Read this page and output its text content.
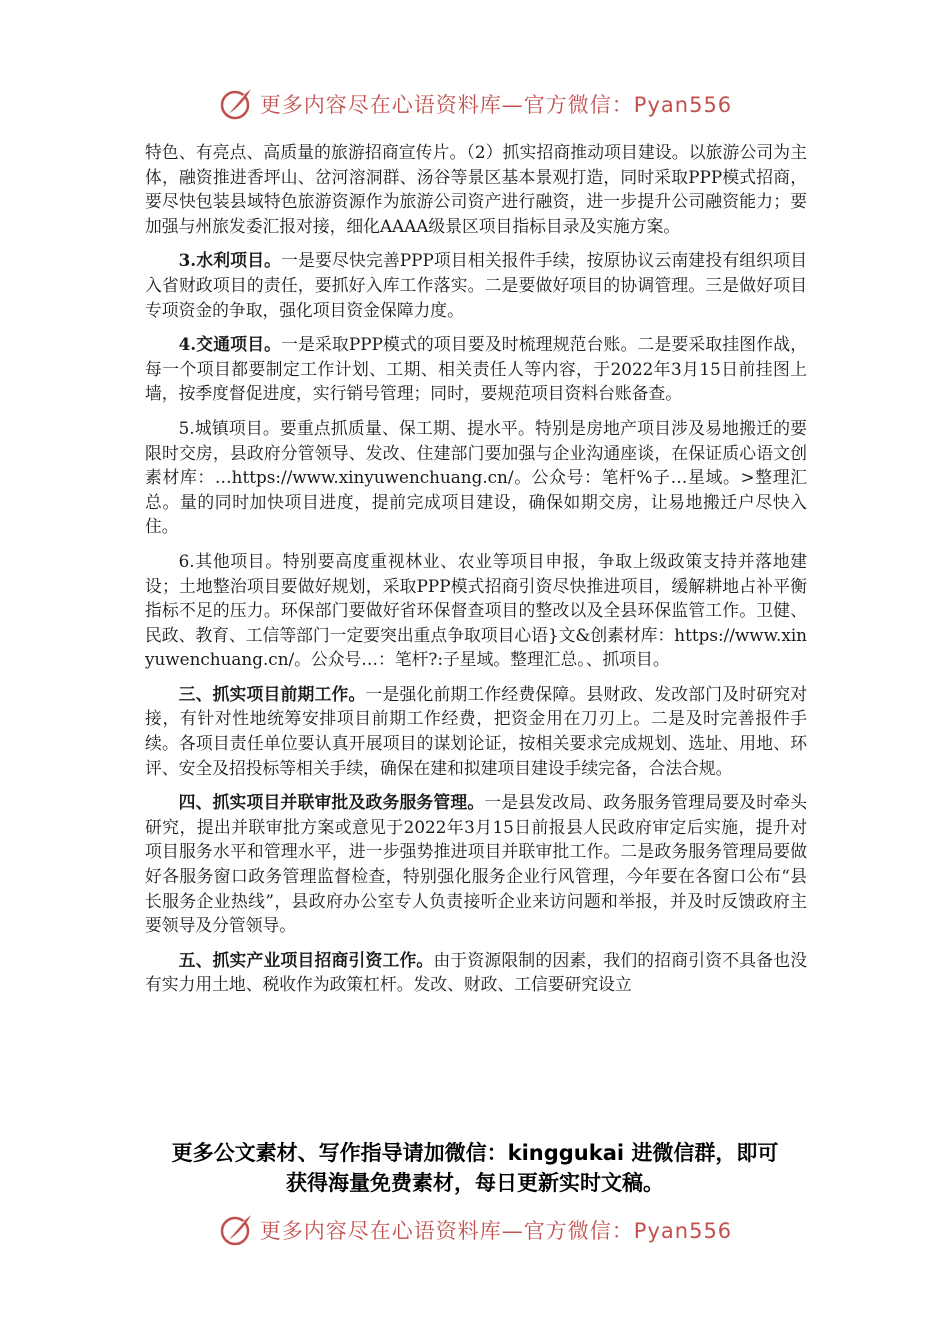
更多内容尽在心语资料库—官方微信：Pyan556

特色、有亮点、高质量的旅游招商宣传片。（2）抓实招商推动项目建设。以旅游公司为主体，融资推进香坪山、岔河溶洞群、汤谷等景区基本景观打造，同时采取PPP模式招商，要尽快包装县域特色旅游资源作为旅游公司资产进行融资，进一步提升公司融资能力；要加强与州旅发委汇报对接，细化AAAA级景区项目指标目录及实施方案。

3.水利项目。一是要尽快完善PPP项目相关报件手续，按原协议云南建投有组织项目入省财政项目的责任，要抓好入库工作落实。二是要做好项目的协调管理。三是做好项目专项资金的争取，强化项目资金保障力度。

4.交通项目。一是采取PPP模式的项目要及时梳理规范台账。二是要采取挂图作战，每一个项目都要制定工作计划、工期、相关责任人等内容，于2022年3月15日前挂图上墙，按季度督促进度，实行销号管理；同时，要规范项目资料台账备查。

5.城镇项目。要重点抓质量、保工期、提水平。特别是房地产项目涉及易地搬迁的要限时交房，县政府分管领导、发改、住建部门要加强与企业沟通座谈，在保证质心语文创素材库：…https://www.xinyuwenchuang.cn/。公众号：笔杆%子…星域。>整理汇总。量的同时加快项目进度，提前完成项目建设，确保如期交房，让易地搬迁户尽快入住。

6.其他项目。特别要高度重视林业、农业等项目申报，争取上级政策支持并落地建设；土地整治项目要做好规划，采取PPP模式招商引资尽快推进项目，缓解耕地占补平衡指标不足的压力。环保部门要做好省环保督查项目的整改以及全县环保监管工作。卫健、民政、教育、工信等部门一定要突出重点争取项目心语}文&创素材库：https://www.xinyuwenchuang.cn/。公众号…：笔杆?:子星域。整理汇总。、抓项目。

三、抓实项目前期工作。一是强化前期工作经费保障。县财政、发改部门及时研究对接，有针对性地统筹安排项目前期工作经费，把资金用在刀刃上。二是及时完善报件手续。各项目责任单位要认真开展项目的谋划论证，按相关要求完成规划、选址、用地、环评、安全及招投标等相关手续，确保在建和拟建项目建设手续完备，合法合规。

四、抓实项目并联审批及政务服务管理。一是县发改局、政务服务管理局要及时牵头研究，提出并联审批方案或意见于2022年3月15日前报县人民政府审定后实施，提升对项目服务水平和管理水平，进一步强势推进项目并联审批工作。二是政务服务管理局要做好各服务窗口政务管理监督检查，特别强化服务企业行风管理，今年要在各窗口公布“县长服务企业热线”，县政府办公室专人负责接听企业来访问题和举报，并及时反馈政府主要领导及分管领导。

五、抓实产业项目招商引资工作。由于资源限制的因素，我们的招商引资不具备也没有实力用土地、税收作为政策杠杆。发改、财政、工信要研究设立

更多公文素材、写作指导请加微信：kinggukai 进微信群，即可
获得海量免费素材，每日更新实时文稿。
更多内容尽在心语资料库—官方微信：Pyan556
